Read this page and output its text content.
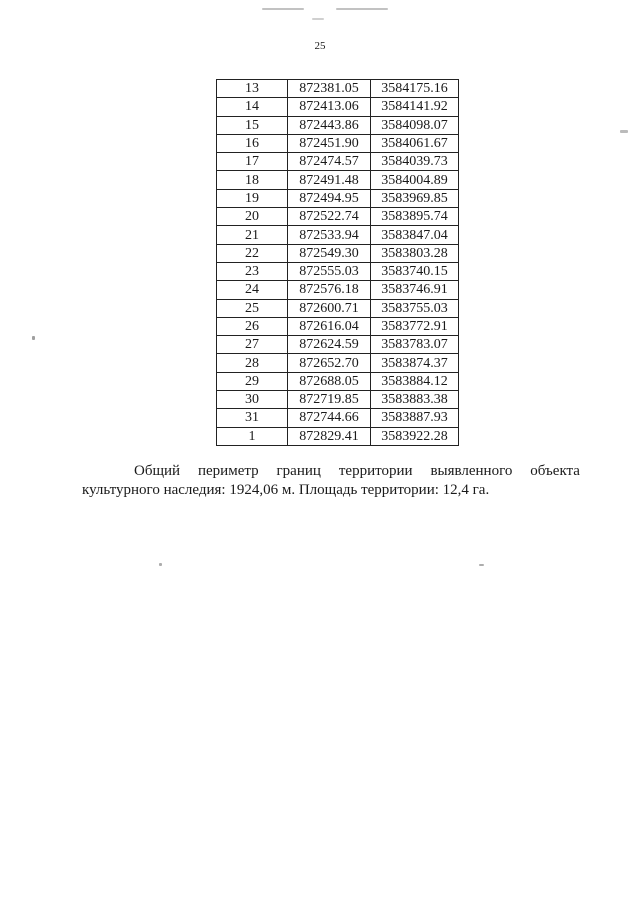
25
13	872381.05	3584175.16
14	872413.06	3584141.92
15	872443.86	3584098.07
16	872451.90	3584061.67
17	872474.57	3584039.73
18	872491.48	3584004.89
19	872494.95	3583969.85
20	872522.74	3583895.74
21	872533.94	3583847.04
22	872549.30	3583803.28
23	872555.03	3583740.15
24	872576.18	3583746.91
25	872600.71	3583755.03
26	872616.04	3583772.91
27	872624.59	3583783.07
28	872652.70	3583874.37
29	872688.05	3583884.12
30	872719.85	3583883.38
31	872744.66	3583887.93
1	872829.41	3583922.28
Общий периметр границ территории выявленного объекта
культурного наследия: 1924,06 м. Площадь территории: 12,4 га.
